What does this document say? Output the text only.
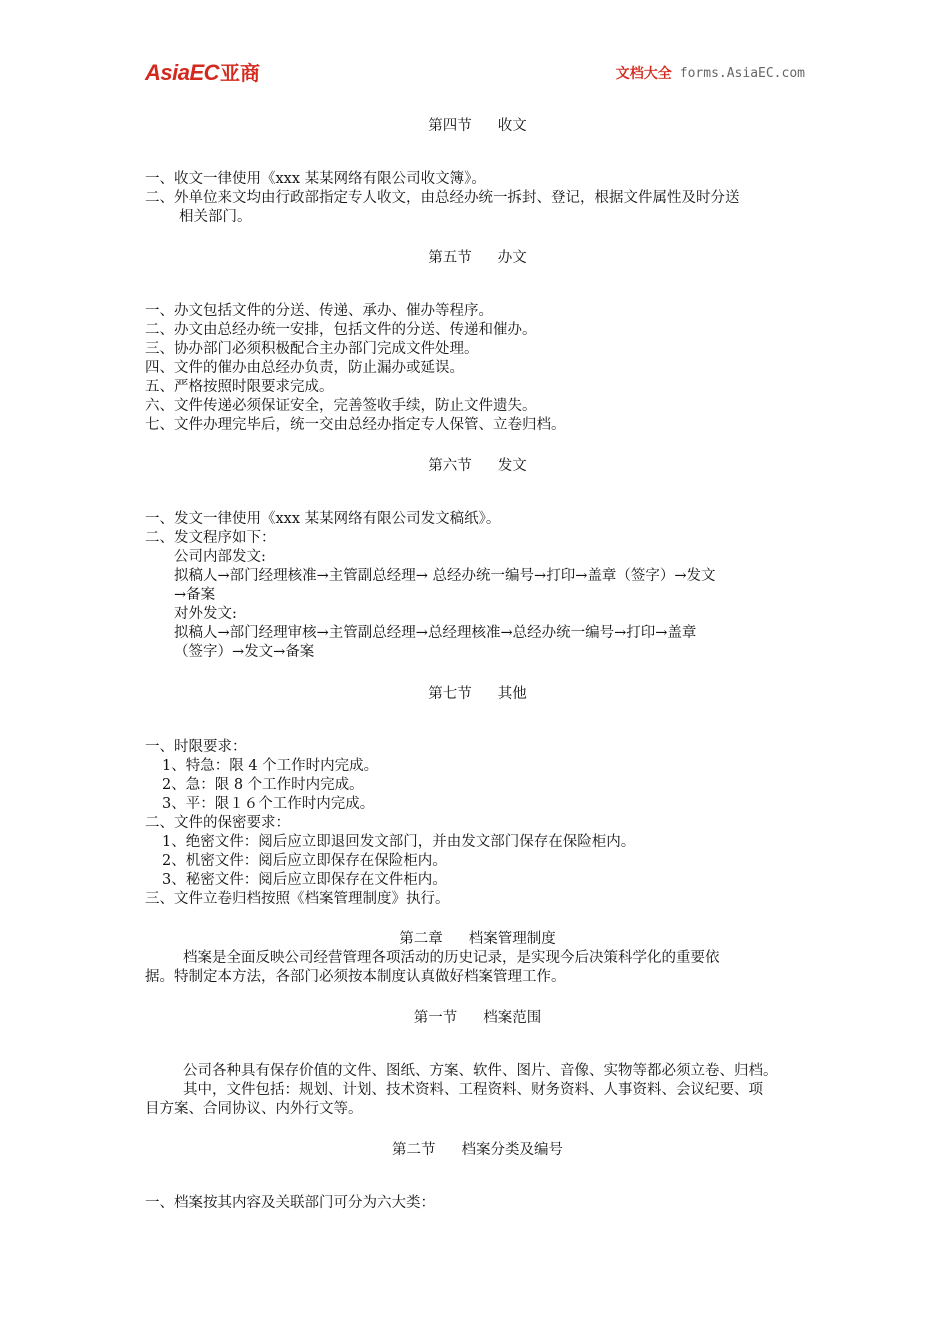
AsiaEC 亚商	文档大全 forms.AsiaEC.com
第四节 收文
一、收文一律使用《xxx 某某网络有限公司收文簿》。
二、外单位来文均由行政部指定专人收文，由总经办统一拆封、登记，根据文件属性及时分送
相关部门。
第五节 办文
一、办文包括文件的分送、传递、承办、催办等程序。
二、办文由总经办统一安排，包括文件的分送、传递和催办。
三、协办部门必须积极配合主办部门完成文件处理。
四、文件的催办由总经办负责，防止漏办或延误。
五、严格按照时限要求完成。
六、文件传递必须保证安全，完善签收手续，防止文件遗失。
七、文件办理完毕后，统一交由总经办指定专人保管、立卷归档。
第六节 发文
一、发文一律使用《xxx 某某网络有限公司发文稿纸》。
二、发文程序如下：
公司内部发文:
拟稿人→部门经理核准→主管副总经理→ 总经办统一编号→打印→盖章（签字）→发文
→备案
对外发文:
拟稿人→部门经理审核→主管副总经理→总经理核准→总经办统一编号→打印→盖章
（签字）→发文→备案
第七节 其他
一、时限要求：
1、特急：限 4 个工作时内完成。
2、急：限 8 个工作时内完成。
3、平：限１６个工作时内完成。
二、文件的保密要求：
1、绝密文件：阅后应立即退回发文部门，并由发文部门保存在保险柜内。
2、机密文件：阅后应立即保存在保险柜内。
3、秘密文件：阅后应立即保存在文件柜内。
三、文件立卷归档按照《档案管理制度》执行。
第二章 档案管理制度
档案是全面反映公司经营管理各项活动的历史记录，是实现今后决策科学化的重要依
据。特制定本方法，各部门必须按本制度认真做好档案管理工作。
第一节 档案范围
公司各种具有保存价值的文件、图纸、方案、软件、图片、音像、实物等都必须立卷、归档。
其中，文件包括：规划、计划、技术资料、工程资料、财务资料、人事资料、会议纪要、项
目方案、合同协议、内外行文等。
第二节 档案分类及编号
一、档案按其内容及关联部门可分为六大类：
